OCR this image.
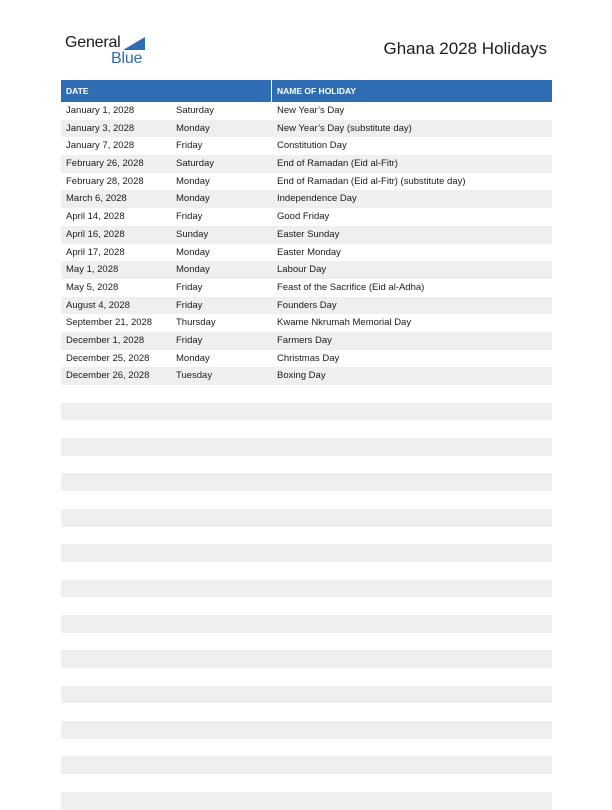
General
Blue
Ghana 2028 Holidays
DATE	NAME OF HOLIDAY
January 1, 2028	Saturday	New Year’s Day
January 3, 2028	Monday	New Year’s Day (substitute day)
January 7, 2028	Friday	Constitution Day
February 26, 2028	Saturday	End of Ramadan (Eid al-Fitr)
February 28, 2028	Monday	End of Ramadan (Eid al-Fitr) (substitute day)
March 6, 2028	Monday	Independence Day
April 14, 2028	Friday	Good Friday
April 16, 2028	Sunday	Easter Sunday
April 17, 2028	Monday	Easter Monday
May 1, 2028	Monday	Labour Day
May 5, 2028	Friday	Feast of the Sacrifice (Eid al-Adha)
August 4, 2028	Friday	Founders Day
September 21, 2028	Thursday	Kwame Nkrumah Memorial Day
December 1, 2028	Friday	Farmers Day
December 25, 2028	Monday	Christmas Day
December 26, 2028	Tuesday	Boxing Day
